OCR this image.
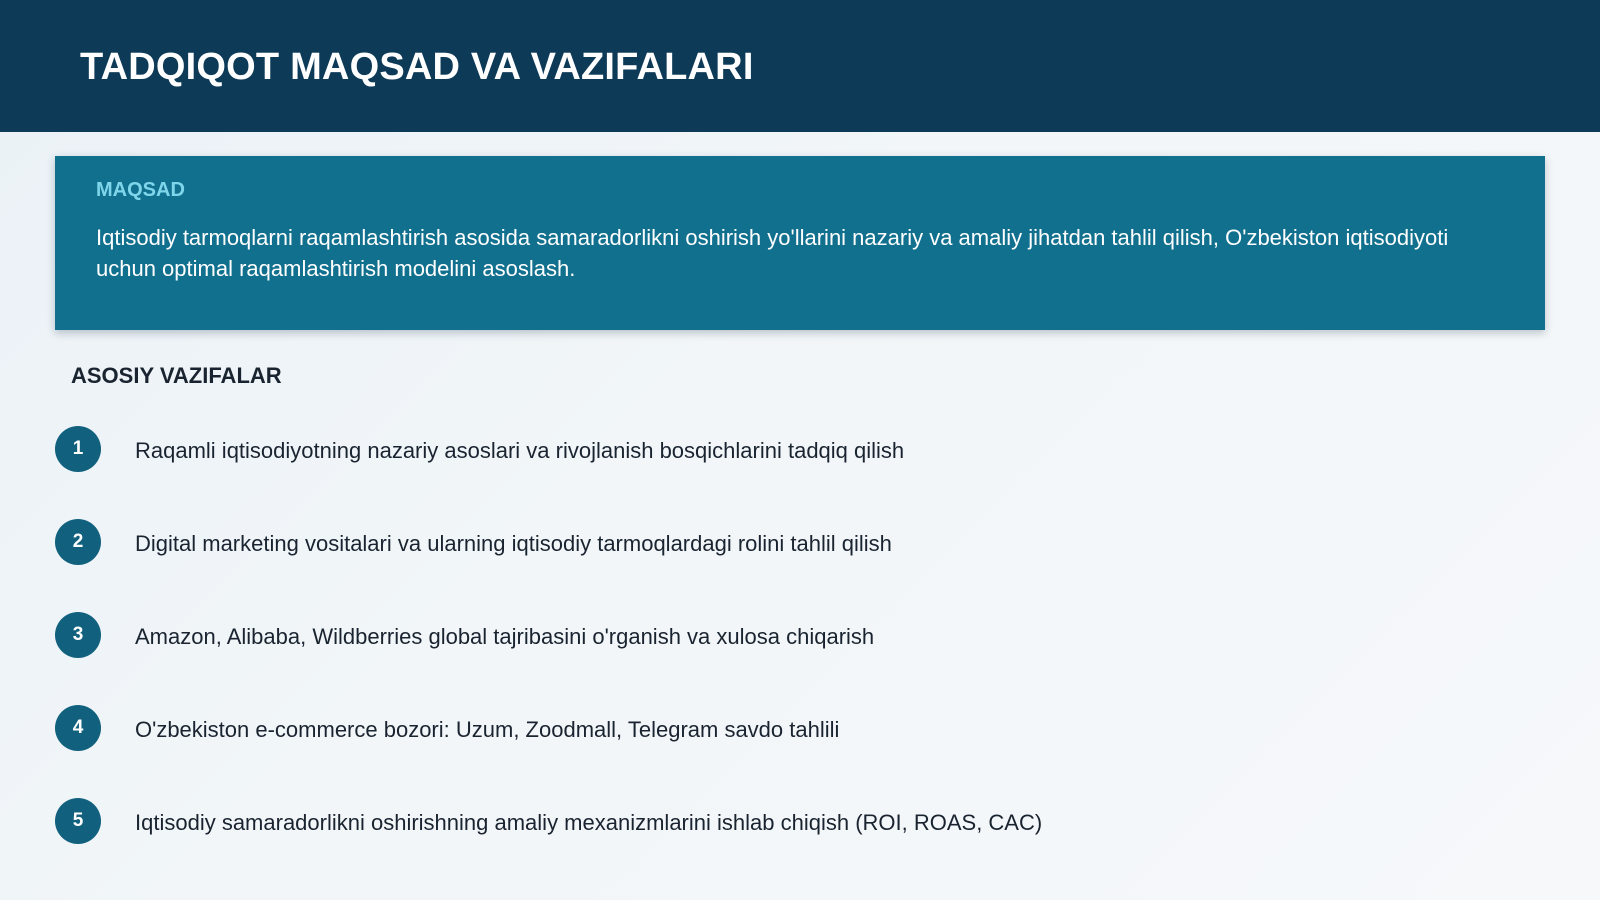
TADQIQOT MAQSAD VA VAZIFALARI
MAQSAD

Iqtisodiy tarmoqlarni raqamlashtirish asosida samaradorlikni oshirish yo'llarini nazariy va amaliy jihatdan tahlil qilish, O'zbekiston iqtisodiyoti uchun optimal raqamlashtirish modelini asoslash.

ASOSIY VAZIFALAR
1	Raqamli iqtisodiyotning nazariy asoslari va rivojlanish bosqichlarini tadqiq qilish
2	Digital marketing vositalari va ularning iqtisodiy tarmoqlardagi rolini tahlil qilish
3	Amazon, Alibaba, Wildberries global tajribasini o'rganish va xulosa chiqarish
4	O'zbekiston e-commerce bozori: Uzum, Zoodmall, Telegram savdo tahlili
5	Iqtisodiy samaradorlikni oshirishning amaliy mexanizmlarini ishlab chiqish (ROI, ROAS, CAC)
